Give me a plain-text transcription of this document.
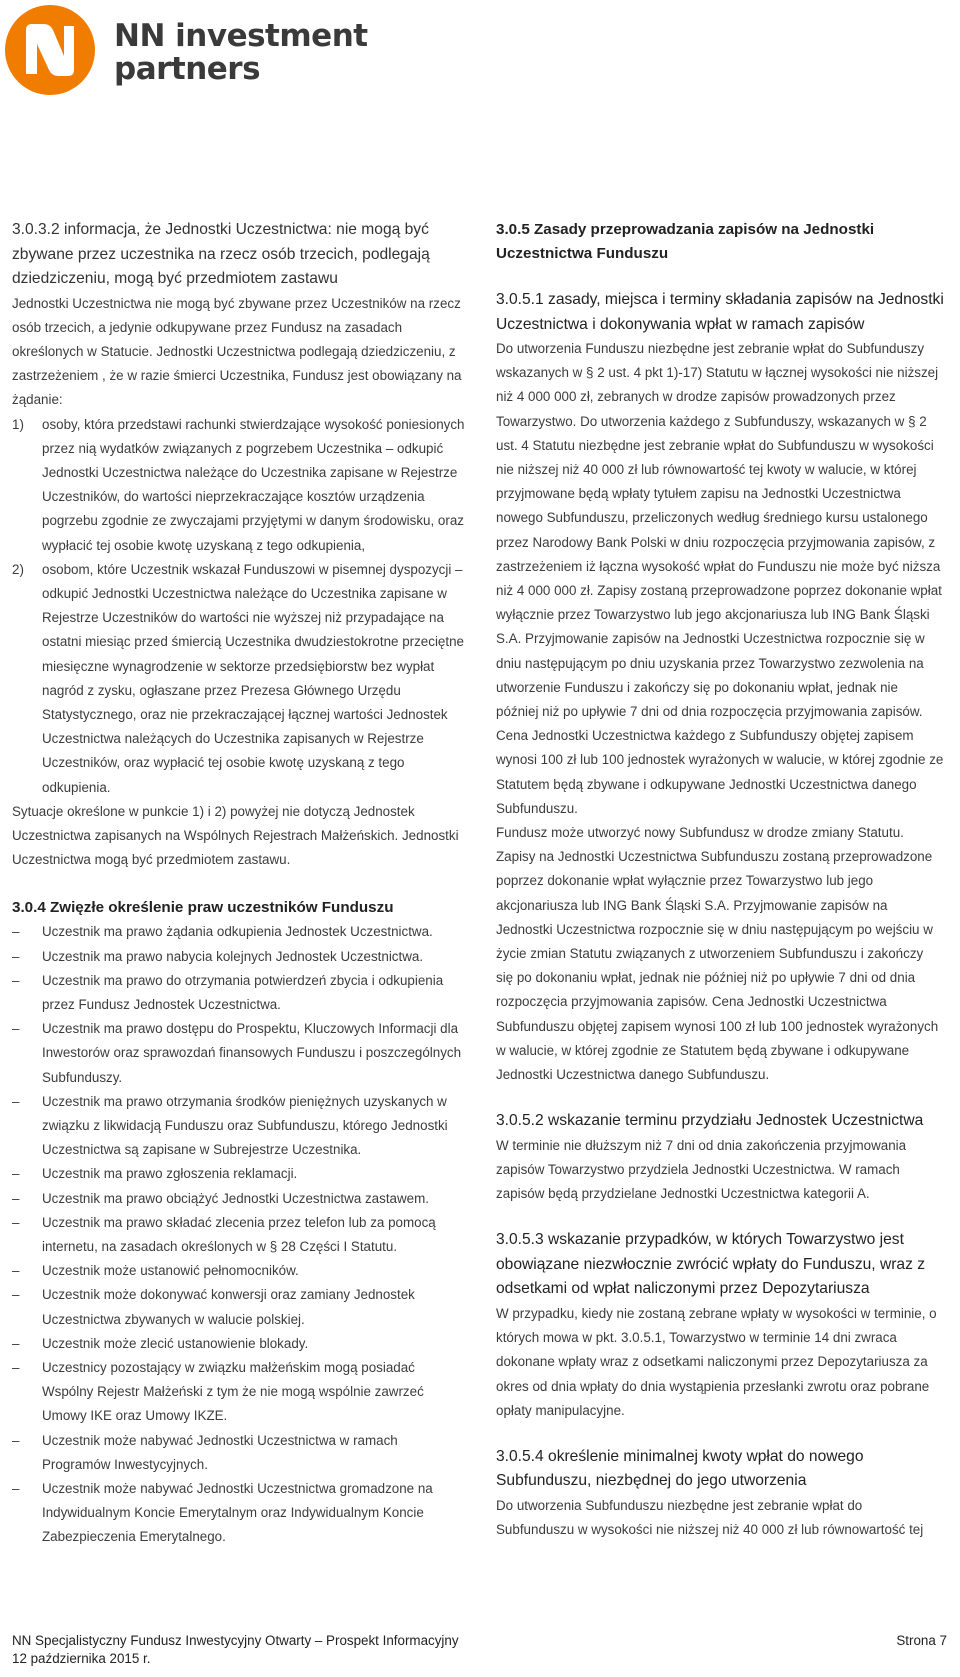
NN investment
partners

3.0.3.2 informacja, że Jednostki Uczestnictwa: nie mogą być zbywane przez uczestnika na rzecz osób trzecich, podlegają dziedziczeniu, mogą być przedmiotem zastawu

Jednostki Uczestnictwa nie mogą być zbywane przez Uczestników na rzecz osób trzecich, a jedynie odkupywane przez Fundusz na zasadach określonych w Statucie. Jednostki Uczestnictwa podlegają dziedziczeniu, z zastrzeżeniem , że w razie śmierci Uczestnika, Fundusz jest obowiązany na żądanie:

1) osoby, która przedstawi rachunki stwierdzające wysokość poniesionych przez nią wydatków związanych z pogrzebem Uczestnika – odkupić Jednostki Uczestnictwa należące do Uczestnika zapisane w Rejestrze Uczestników, do wartości nieprzekraczające kosztów urządzenia pogrzebu zgodnie ze zwyczajami przyjętymi w danym środowisku, oraz wypłacić tej osobie kwotę uzyskaną z tego odkupienia,
2) osobom, które Uczestnik wskazał Funduszowi w pisemnej dyspozycji – odkupić Jednostki Uczestnictwa należące do Uczestnika zapisane w Rejestrze Uczestników do wartości nie wyższej niż przypadające na ostatni miesiąc przed śmiercią Uczestnika dwudziestokrotne przeciętne miesięczne wynagrodzenie w sektorze przedsiębiorstw bez wypłat nagród z zysku, ogłaszane przez Prezesa Głównego Urzędu Statystycznego, oraz nie przekraczającej łącznej wartości Jednostek Uczestnictwa należących do Uczestnika zapisanych w Rejestrze Uczestników, oraz wypłacić tej osobie kwotę uzyskaną z tego odkupienia.

Sytuacje określone w punkcie 1) i 2) powyżej nie dotyczą Jednostek Uczestnictwa zapisanych na Wspólnych Rejestrach Małżeńskich. Jednostki Uczestnictwa mogą być przedmiotem zastawu.

3.0.4 Zwięzłe określenie praw uczestników Funduszu

– Uczestnik ma prawo żądania odkupienia Jednostek Uczestnictwa.
– Uczestnik ma prawo nabycia kolejnych Jednostek Uczestnictwa.
– Uczestnik ma prawo do otrzymania potwierdzeń zbycia i odkupienia przez Fundusz Jednostek Uczestnictwa.
– Uczestnik ma prawo dostępu do Prospektu, Kluczowych Informacji dla Inwestorów oraz sprawozdań finansowych Funduszu i poszczególnych Subfunduszy.
– Uczestnik ma prawo otrzymania środków pieniężnych uzyskanych w związku z likwidacją Funduszu oraz Subfunduszu, którego Jednostki Uczestnictwa są zapisane w Subrejestrze Uczestnika.
– Uczestnik ma prawo zgłoszenia reklamacji.
– Uczestnik ma prawo obciążyć Jednostki Uczestnictwa zastawem.
– Uczestnik ma prawo składać zlecenia przez telefon lub za pomocą internetu, na zasadach określonych w § 28 Części I Statutu.
– Uczestnik może ustanowić pełnomocników.
– Uczestnik może dokonywać konwersji oraz zamiany Jednostek Uczestnictwa zbywanych w walucie polskiej.
– Uczestnik może zlecić ustanowienie blokady.
– Uczestnicy pozostający w związku małżeńskim mogą posiadać Wspólny Rejestr Małżeński z tym że nie mogą wspólnie zawrzeć Umowy IKE oraz Umowy IKZE.
– Uczestnik może nabywać Jednostki Uczestnictwa w ramach Programów Inwestycyjnych.
– Uczestnik może nabywać Jednostki Uczestnictwa gromadzone na Indywidualnym Koncie Emerytalnym oraz Indywidualnym Koncie Zabezpieczenia Emerytalnego.

3.0.5 Zasady przeprowadzania zapisów na Jednostki Uczestnictwa Funduszu

3.0.5.1 zasady, miejsca i terminy składania zapisów na Jednostki Uczestnictwa i dokonywania wpłat w ramach zapisów

Do utworzenia Funduszu niezbędne jest zebranie wpłat do Subfunduszy wskazanych w § 2 ust. 4 pkt 1)-17) Statutu w łącznej wysokości nie niższej niż 4 000 000 zł, zebranych w drodze zapisów prowadzonych przez Towarzystwo. Do utworzenia każdego z Subfunduszy, wskazanych w § 2 ust. 4 Statutu niezbędne jest zebranie wpłat do Subfunduszu w wysokości nie niższej niż 40 000 zł lub równowartość tej kwoty w walucie, w której przyjmowane będą wpłaty tytułem zapisu na Jednostki Uczestnictwa nowego Subfunduszu, przeliczonych według średniego kursu ustalonego przez Narodowy Bank Polski w dniu rozpoczęcia przyjmowania zapisów, z zastrzeżeniem iż łączna wysokość wpłat do Funduszu nie może być niższa niż 4 000 000 zł. Zapisy zostaną przeprowadzone poprzez dokonanie wpłat wyłącznie przez Towarzystwo lub jego akcjonariusza lub ING Bank Śląski S.A. Przyjmowanie zapisów na Jednostki Uczestnictwa rozpocznie się w dniu następującym po dniu uzyskania przez Towarzystwo zezwolenia na utworzenie Funduszu i zakończy się po dokonaniu wpłat, jednak nie później niż po upływie 7 dni od dnia rozpoczęcia przyjmowania zapisów. Cena Jednostki Uczestnictwa każdego z Subfunduszy objętej zapisem wynosi 100 zł lub 100 jednostek wyrażonych w walucie, w której zgodnie ze Statutem będą zbywane i odkupywane Jednostki Uczestnictwa danego Subfunduszu.

Fundusz może utworzyć nowy Subfundusz w drodze zmiany Statutu. Zapisy na Jednostki Uczestnictwa Subfunduszu zostaną przeprowadzone poprzez dokonanie wpłat wyłącznie przez Towarzystwo lub jego akcjonariusza lub ING Bank Śląski S.A. Przyjmowanie zapisów na Jednostki Uczestnictwa rozpocznie się w dniu następującym po wejściu w życie zmian Statutu związanych z utworzeniem Subfunduszu i zakończy się po dokonaniu wpłat, jednak nie później niż po upływie 7 dni od dnia rozpoczęcia przyjmowania zapisów. Cena Jednostki Uczestnictwa Subfunduszu objętej zapisem wynosi 100 zł lub 100 jednostek wyrażonych w walucie, w której zgodnie ze Statutem będą zbywane i odkupywane Jednostki Uczestnictwa danego Subfunduszu.

3.0.5.2 wskazanie terminu przydziału Jednostek Uczestnictwa

W terminie nie dłuższym niż 7 dni od dnia zakończenia przyjmowania zapisów Towarzystwo przydziela Jednostki Uczestnictwa. W ramach zapisów będą przydzielane Jednostki Uczestnictwa kategorii A.

3.0.5.3 wskazanie przypadków, w których Towarzystwo jest obowiązane niezwłocznie zwrócić wpłaty do Funduszu, wraz z odsetkami od wpłat naliczonymi przez Depozytariusza

W przypadku, kiedy nie zostaną zebrane wpłaty w wysokości w terminie, o których mowa w pkt. 3.0.5.1, Towarzystwo w terminie 14 dni zwraca dokonane wpłaty wraz z odsetkami naliczonymi przez Depozytariusza za okres od dnia wpłaty do dnia wystąpienia przesłanki zwrotu oraz pobrane opłaty manipulacyjne.

3.0.5.4 określenie minimalnej kwoty wpłat do nowego Subfunduszu, niezbędnej do jego utworzenia

Do utworzenia Subfunduszu niezbędne jest zebranie wpłat do Subfunduszu w wysokości nie niższej niż 40 000 zł lub równowartość tej

NN Specjalistyczny Fundusz Inwestycyjny Otwarty – Prospekt Informacyjny
12 października 2015 r.
Strona 7
